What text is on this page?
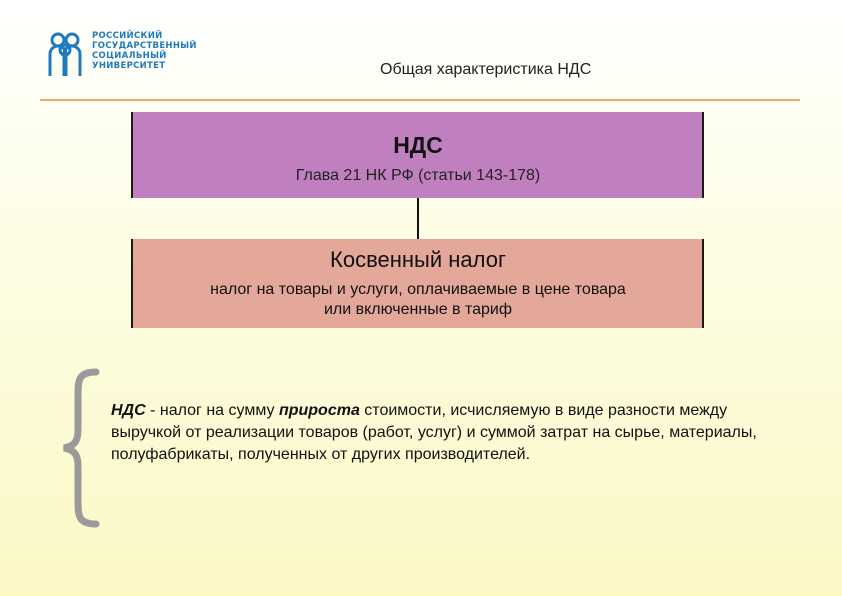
РОССИЙСКИЙ
ГОСУДАРСТВЕННЫЙ
СОЦИАЛЬНЫЙ
УНИВЕРСИТЕТ	Общая характеристика НДС
НДС
Глава 21 НК РФ (статьи 143-178)
Косвенный налог
налог на товары и услуги, оплачиваемые в цене товара
или включенные в тариф
НДС - налог на сумму прироста стоимости, исчисляемую в виде разности между выручкой от реализации товаров (работ, услуг) и суммой затрат на сырье, материалы, полуфабрикаты, полученных от других производителей.
